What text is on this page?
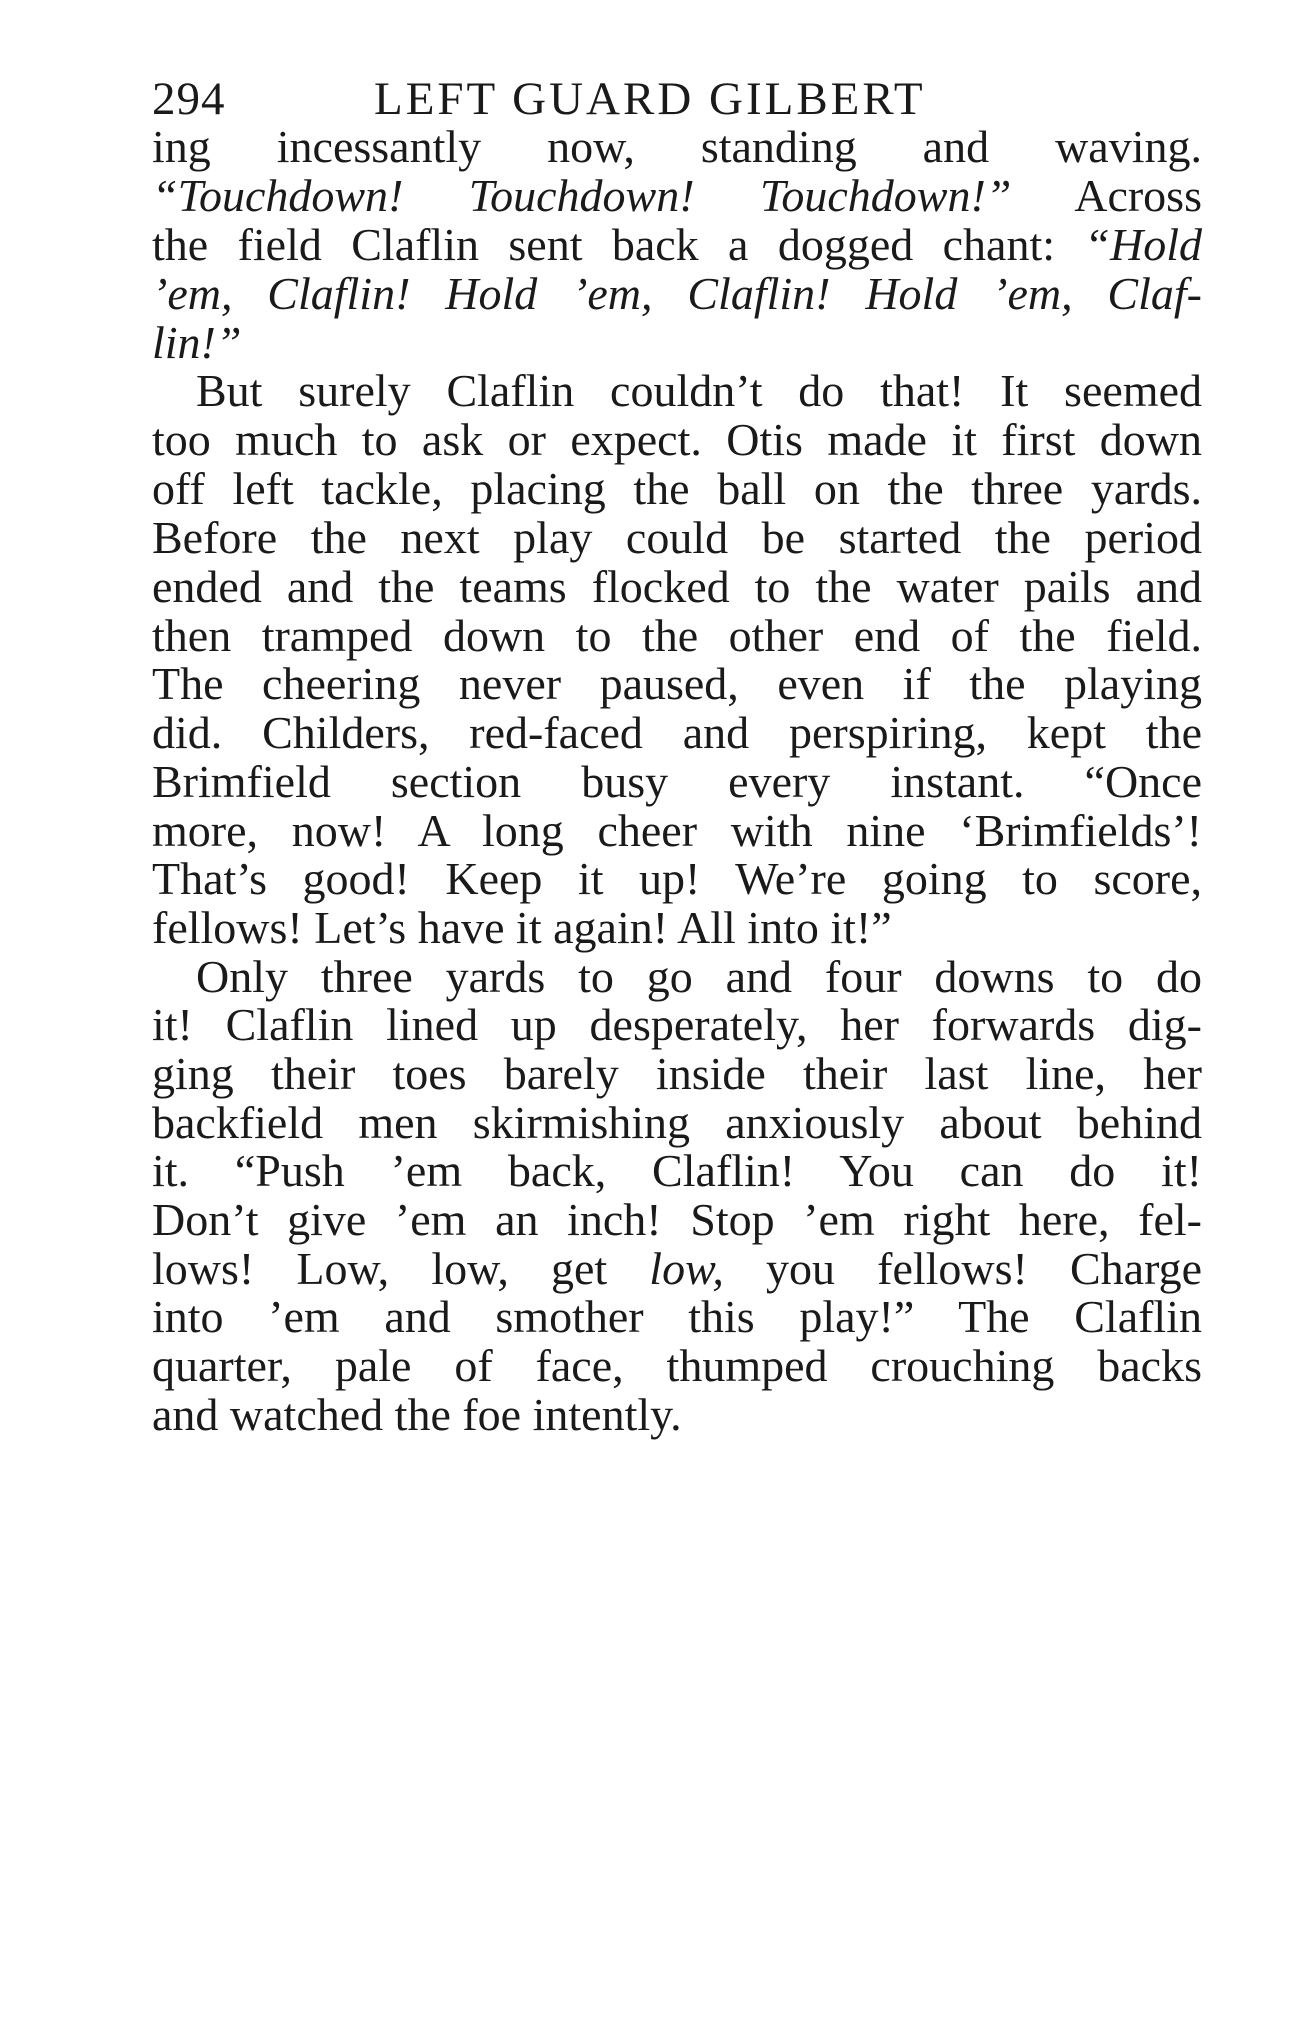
294	LEFT GUARD GILBERT
ing incessantly now, standing and waving.
“Touchdown! Touchdown! Touchdown!” Across
the field Claflin sent back a dogged chant: “Hold
’em, Claflin! Hold ’em, Claflin! Hold ’em, Claf-
lin!”
But surely Claflin couldn’t do that! It seemed
too much to ask or expect. Otis made it first down
off left tackle, placing the ball on the three yards.
Before the next play could be started the period
ended and the teams flocked to the water pails and
then tramped down to the other end of the field.
The cheering never paused, even if the playing
did. Childers, red-faced and perspiring, kept the
Brimfield section busy every instant. “Once
more, now! A long cheer with nine ‘Brimfields’!
That’s good! Keep it up! We’re going to score,
fellows! Let’s have it again! All into it!”
Only three yards to go and four downs to do
it! Claflin lined up desperately, her forwards dig-
ging their toes barely inside their last line, her
backfield men skirmishing anxiously about behind
it. “Push ’em back, Claflin! You can do it!
Don’t give ’em an inch! Stop ’em right here, fel-
lows! Low, low, get low, you fellows! Charge
into ’em and smother this play!” The Claflin
quarter, pale of face, thumped crouching backs
and watched the foe intently.
